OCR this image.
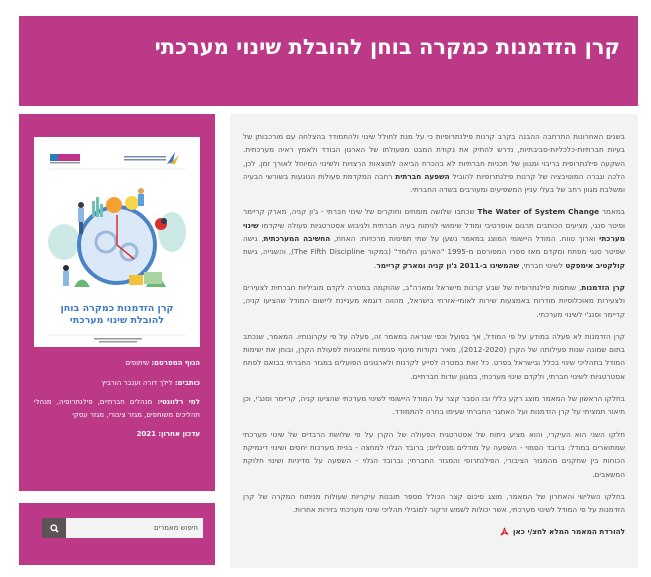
קרן הזדמנות כמקרה בוחן להובלת שינוי מערכתי

בשנים האחרונות התרחבה ההבנה בקרב קרנות פילנתרופיות כי על מנת לחולל שינוי ולהתמודד בהצלחה עם מורכבותן של בעיות חברתיות-כלכליות-סביבתיות, נדרש להתיק את נקודת המבט מפעולתו של הארגון הבודד ולאמץ ראיה מערכתית. השקעה פילנתרופית בריבוי ומגוון של תכניות חברתיות לא בהכרח הביאה לתוצאות הרצויות ולשינוי המיוחל לאורך זמן. לכן, הלכה וגברה המוטיבציה של קרנות פילנתרופיות להוביל השפעה חברתית רחבה המקדמת פעולות הנוגעות בשורשי הבעיה ומשלבת מגוון רחב של בעלי עניין המשפיעים ומעורבים בשדה החברתי.

במאמר The Water of System Change שכתבו שלושה מומחים וחוקרים של שינוי חברתי - ג'ון קניה, מארק קריימר ופיטר סנגי, מציעים הכותבים תרגום אופרטיבי ומודל שימושי לניתוח בעיה חברתית ולגיבוש אסטרטגיות פעולה שיקדמו שינוי מערכתי וארוך טווח. המודל היישומי המוצג במאמר נשען על שתי תפיסות מרכזיות: האחת, החשיבה המערכתית, גישה שפיטר סנגי מפתח ומקדם מאז ספרו המפורסם מ-1995 "הארגון הלומד" (במקור The Fifth Discipline), והשנייה, גישת קולקטיב אימפקט לשינוי חברתי, שהמשיגו ב-2011 ג'ון קניה ומארק קריימר.

קרן הזדמנות, שותפות פילנתרופית של שבע קרנות מישראל ומארה"ב, שהוקמה במטרה לקדם מוביליות חברתית לצעירים ולצעירות מאוכלוסיות מודרות באמצעות שירות לאומי-אזרחי בישראל, מהווה דוגמא מעניינת ליישום המודל שהציעו קניה, קריימר וסנג'י לשינוי מערכתי.

קרן הזדמנות לא פעלה במודע על פי המודל, אך בפועל וכפי שנראה במאמר זה, פעלה על פי עקרונותיו. המאמר, שנכתב בתום שמונה שנות פעילותה של הקרן (2012-2020), מאיר נקודות מינוף פנימיות וחיצוניות לפעולת הקרן, ובוחן את ישימות המודל בתהליכי שינוי בכלל ובישראל בפרט. כל זאת במטרה לסייע לקרנות ולארגונים הפועלים במגזר החברתי בבואם לפתח אסטרטגיות לשינוי חברתי, ולקדם שינוי מערכתי, במגוון שדות חברתיים.

בחלקו הראשון של המאמר מוצג רקע כללי ובו הסבר קצר על המודל היישומי לשינוי מערכתי שהציעו קניה, קריימר וסנג'י, וכן תיאור תמציתי על קרן הזדמנות ועל האתגר החברתי שעימו בחרה להתמודד.

חלקו השני הוא העיקרי, והוא מציע ניתוח של אסטרטגית הפעולה של הקרן על פי שלושת הרבדים של שינוי מערכתי שמתוארים במודל: ברובד הסמוי - השפעה על מודלים מנטליים; ברובד הגלוי למחצה - בניית מערכות יחסים ושינוי דינמיקת הכוחות בין שחקנים מהמגזר הציבורי, הפילנתרופי והמגזר החברתי; וברובד הגלוי - השפעה על מדיניות ושינוי חלוקת המשאבים.

בחלקו השלישי והאחרון של המאמר, מוצג סיכום קצר הכולל מספר תובנות עיקריות שעולות מניתוח המקרה של קרן הזדמנות על פי המודל לשינוי מערכתי, אשר יכולות לשמש זרקור למובילי תהליכי שינוי מערכתי בזירות אחרות.

להורדת המאמר המלא לחצ/י כאן
קרן הזדמנות כמקרה בוחן
להובלת שינוי מערכתי
הגוף המפרסם: שיתופים
כותבים: לילך דורה וענבר הורביץ
למי רלוונטי: מנהלים חברתיים, פילנתרופיה, מנהלי תהליכים משותפים, מגזר ציבורי, מגזר עסקי
עדכון אחרון: 2021
חיפוש מאמרים
